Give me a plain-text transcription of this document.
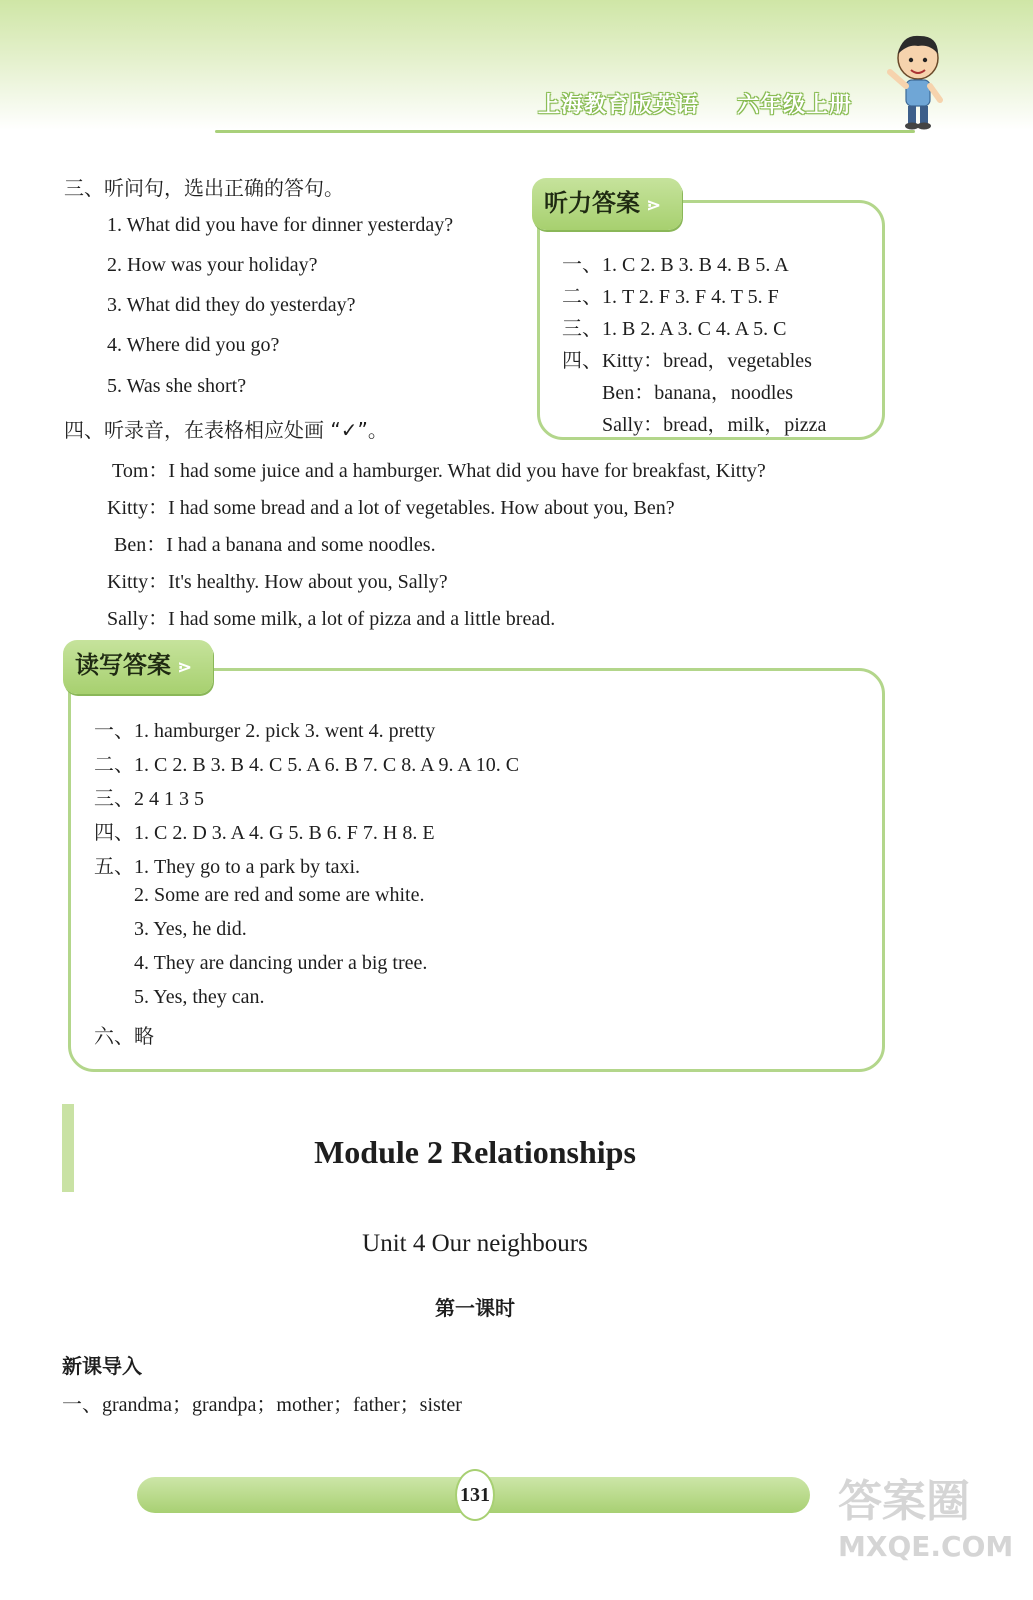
上海教育版英语 六年级上册
三、听问句，选出正确的答句。
1. What did you have for dinner yesterday?
2. How was your holiday?
3. What did they do yesterday?
4. Where did you go?
5. Was she short?
听力答案 ⋗
一、1. C 2. B 3. B 4. B 5. A
二、1. T 2. F 3. F 4. T 5. F
三、1. B 2. A 3. C 4. A 5. C
四、Kitty：bread，vegetables
Ben：banana，noodles
Sally：bread，milk，pizza
四、听录音，在表格相应处画 “✓”。
Tom：I had some juice and a hamburger. What did you have for breakfast, Kitty?
Kitty：I had some bread and a lot of vegetables. How about you, Ben?
Ben：I had a banana and some noodles.
Kitty：It's healthy. How about you, Sally?
Sally：I had some milk, a lot of pizza and a little bread.
读写答案 ⋗
一、1. hamburger 2. pick 3. went 4. pretty
二、1. C 2. B 3. B 4. C 5. A 6. B 7. C 8. A 9. A 10. C
三、2 4 1 3 5
四、1. C 2. D 3. A 4. G 5. B 6. F 7. H 8. E
五、1. They go to a park by taxi.
2. Some are red and some are white.
3. Yes, he did.
4. They are dancing under a big tree.
5. Yes, they can.
六、略
Module 2 Relationships
Unit 4 Our neighbours
第一课时
新课导入
一、grandma；grandpa；mother；father；sister
131	答案圈
MXQE.COM
